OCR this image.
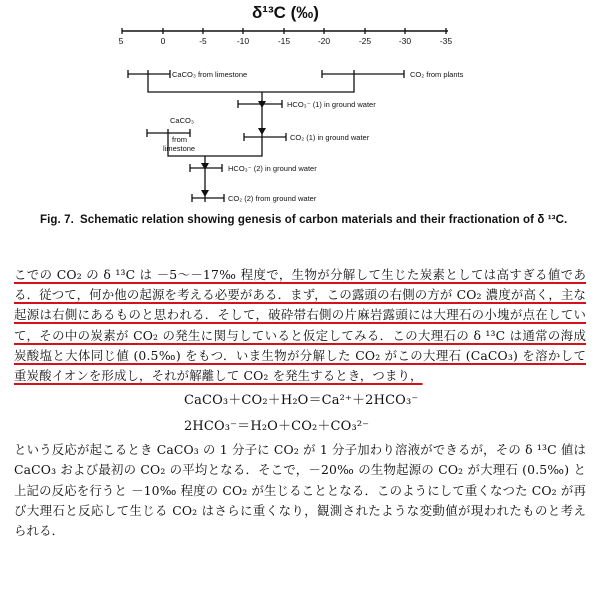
δ¹³C (‰)
5	0	-5	-10	-15	-20	-25	-30	-35
CaCO₃ from limestone	CO₂ from plants
HCO₃⁻ (1) in ground water
CaCO₃
from
limestone
CO₂ (1) in ground water
HCO₃⁻ (2) in ground water
CO₂ (2) from ground water
Fig. 7. Schematic relation showing genesis of carbon materials and their fractionation of δ ¹³C.

こでの CO₂ の δ ¹³C は －5～－17‰ 程度で，生物が分解して生じた炭素としては高すぎる値である．従つて，何か他の起源を考える必要がある．まず，この露頭の右側の方が CO₂ 濃度が高く，主な起源は右側にあるものと思われる．そして，破砕帯右側の片麻岩露頭には大理石の小塊が点在していて，その中の炭素が CO₂ の発生に関与していると仮定してみる．この大理石の δ ¹³C は通常の海成炭酸塩と大体同じ値 (0.5‰) をもつ．いま生物が分解した CO₂ がこの大理石 (CaCO₃) を溶かして重炭酸イオンを形成し，それが解離して CO₂ を発生するとき，つまり，

CaCO₃＋CO₂＋H₂O＝Ca²⁺＋2HCO₃⁻
2HCO₃⁻＝H₂O＋CO₂＋CO₃²⁻

という反応が起こるとき CaCO₃ の 1 分子に CO₂ が 1 分子加わり溶液ができるが，その δ ¹³C 値は CaCO₃ および最初の CO₂ の平均となる．そこで，－20‰ の生物起源の CO₂ が大理石 (0.5‰) と上記の反応を行うと －10‰ 程度の CO₂ が生じることとなる．このようにして重くなつた CO₂ が再び大理石と反応して生じる CO₂ はさらに重くなり，観測されたような変動値が現われたものと考えられる．
